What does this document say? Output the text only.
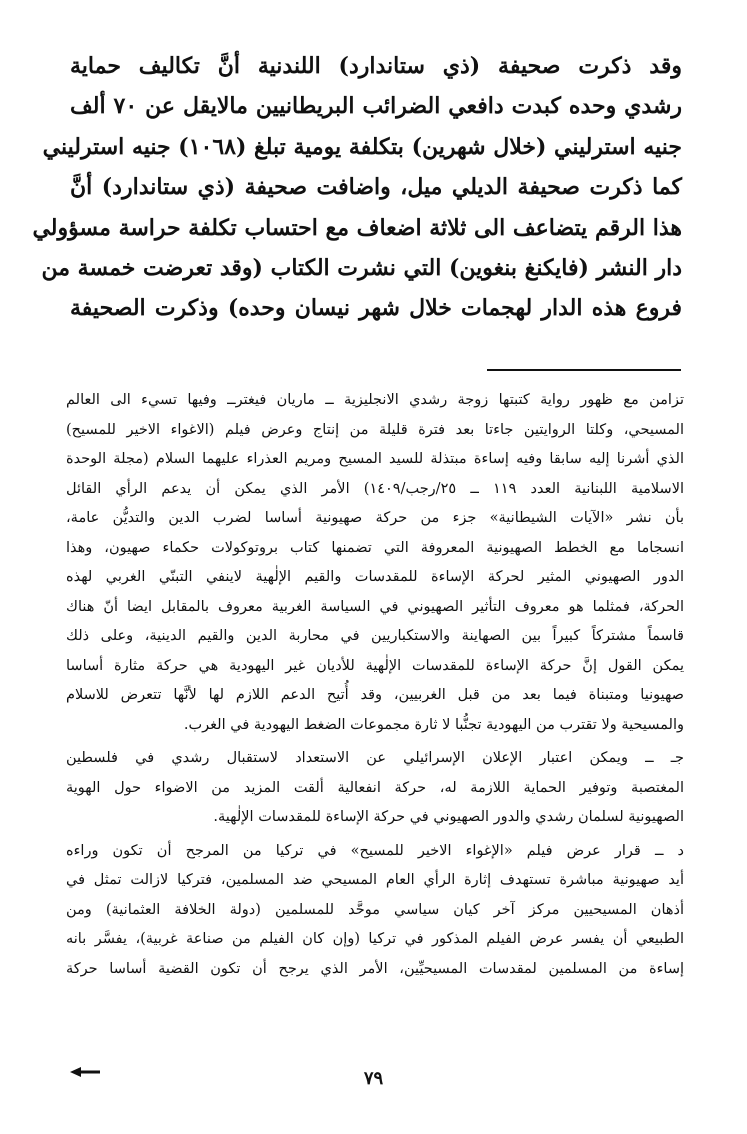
وقد ذكرت صحيفة (ذي ستاندارد) اللندنية أنَّ تكاليف حماية
رشدي وحده كبدت دافعي الضرائب البريطانيين مالايقل عن ٧٠ ألف
جنيه استرليني (خلال شهرين) بتكلفة يومية تبلغ (١٠٦٨) جنيه استرليني
كما ذكرت صحيفة الديلي ميل، واضافت صحيفة (ذي ستاندارد) أنَّ
هذا الرقم يتضاعف الى ثلاثة اضعاف مع احتساب تكلفة حراسة مسؤولي
دار النشر (فايكنغ بنغوين) التي نشرت الكتاب (وقد تعرضت خمسة من
فروع هذه الدار لهجمات خلال شهر نيسان وحده) وذكرت الصحيفة
تزامن مع ظهور رواية كتبتها زوجة رشدي الانجليزية ــ ماريان فيغترــ وفيها تسيء الى العالم
المسيحي، وكلتا الروايتين جاءتا بعد فترة قليلة من إنتاج وعرض فيلم (الاغواء الاخير للمسيح)
الذي أشرنا إليه سابقا وفيه إساءة مبتذلة للسيد المسيح ومريم العذراء عليهما السلام (مجلة الوحدة
الاسلامية اللبنانية العدد ١١٩ ــ ٢٥/رجب/١٤٠٩) الأمر الذي يمكن أن يدعم الرأي القائل
بأن نشر «الآيات الشيطانية» جزء من حركة صهيونية أساسا لضرب الدين والتديُّن عامة،
انسجاما مع الخطط الصهيونية المعروفة التي تضمنها كتاب بروتوكولات حكماء صهيون، وهذا
الدور الصهيوني المثير لحركة الإساءة للمقدسات والقيم الإلٰهية لاينفي التبنّي الغربي لهذه
الحركة، فمثلما هو معروف التأثير الصهيوني في السياسة الغربية معروف بالمقابل ايضا أنّ هناك
قاسماً مشتركاً كبيراً بين الصهاينة والاستكباريين في محاربة الدين والقيم الدينية، وعلى ذلك
يمكن القول إنَّ حركة الإساءة للمقدسات الإلٰهية للأديان غير اليهودية هي حركة مثارة أساسا
صهيونيا ومتبناة فيما بعد من قبل الغربيين، وقد أُتيح الدعم اللازم لها لأنَّها تتعرض للاسلام
والمسيحية ولا تقترب من اليهودية تجنُّبا لا ثارة مجموعات الضغط اليهودية في الغرب.
جـ ــ ويمكن اعتبار الإعلان الإسرائيلي عن الاستعداد لاستقبال رشدي في فلسطين
المغتصبة وتوفير الحماية اللازمة له، حركة انفعالية ألقت المزيد من الاضواء حول الهوية
الصهيونية لسلمان رشدي والدور الصهيوني في حركة الإساءة للمقدسات الإلٰهية.
د ــ قرار عرض فيلم «الإغواء الاخير للمسيح» في تركيا من المرجح أن تكون وراءه
أيد صهيونية مباشرة تستهدف إثارة الرأي العام المسيحي ضد المسلمين، فتركيا لازالت تمثل في
أذهان المسيحيين مركز آخر كيان سياسي موحَّد للمسلمين (دولة الخلافة العثمانية) ومن
الطبيعي أن يفسر عرض الفيلم المذكور في تركيا (وإن كان الفيلم من صناعة غربية)، يفسَّر بانه
إساءة من المسلمين لمقدسات المسيحيِّين، الأمر الذي يرجح أن تكون القضية أساسا حركة
٧٩
